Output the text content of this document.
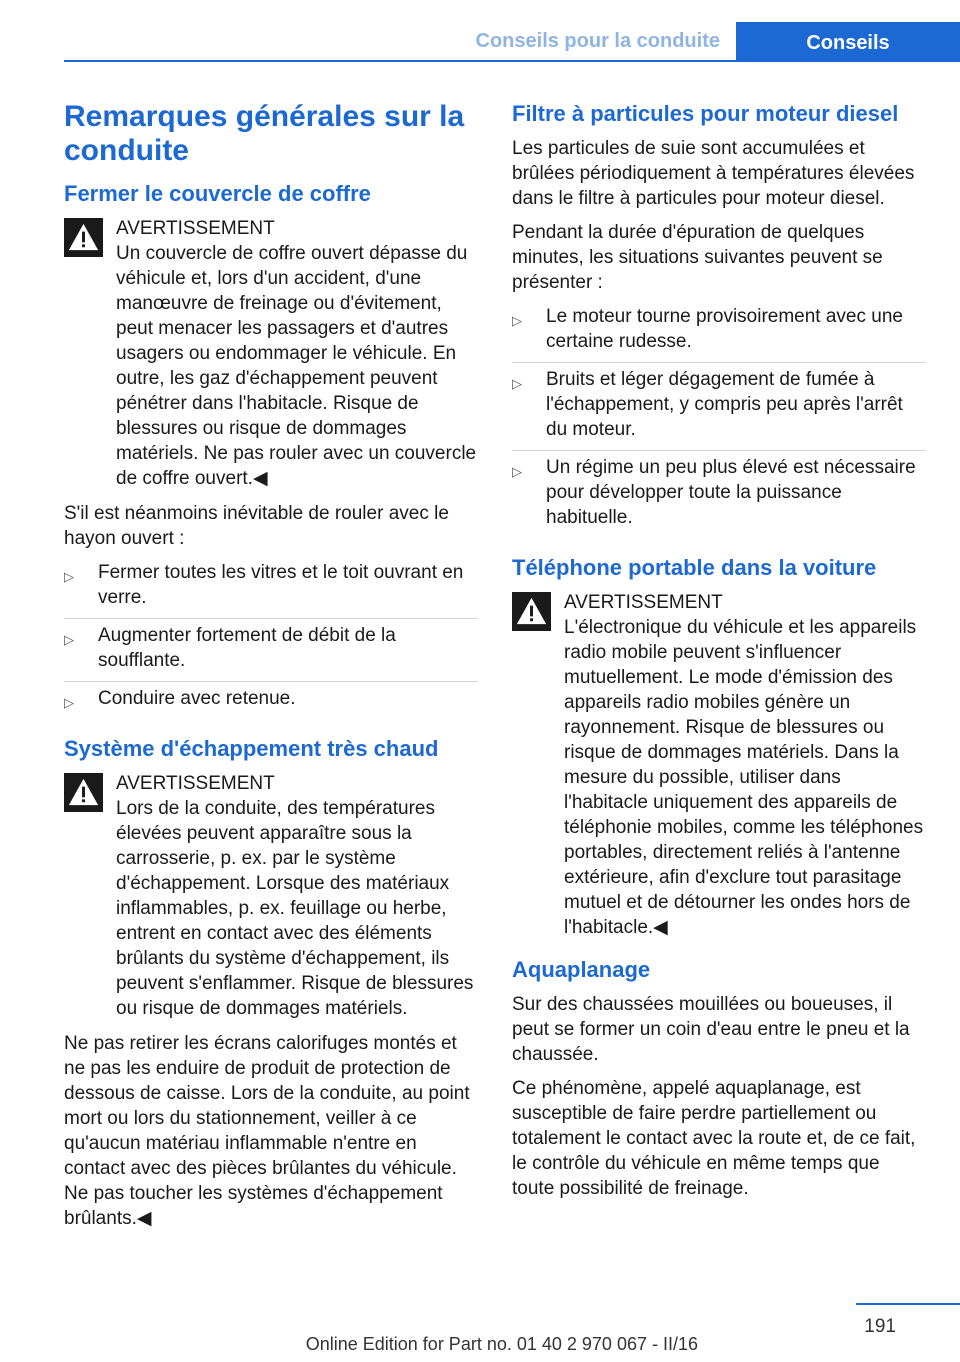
Conseils pour la conduite	Conseils
Remarques générales sur la conduite
Fermer le couvercle de coffre
AVERTISSEMENT
Un couvercle de coffre ouvert dépasse du véhicule et, lors d'un accident, d'une manœuvre de freinage ou d'évitement, peut menacer les passagers et d'autres usagers ou endommager le véhicule. En outre, les gaz d'échappement peuvent pénétrer dans l'habitacle. Risque de blessures ou risque de dommages matériels. Ne pas rouler avec un couvercle de coffre ouvert.◀

S'il est néanmoins inévitable de rouler avec le hayon ouvert :

▷ Fermer toutes les vitres et le toit ouvrant en verre.
▷ Augmenter fortement de débit de la soufflante.
▷ Conduire avec retenue.
Système d'échappement très chaud
AVERTISSEMENT
Lors de la conduite, des températures élevées peuvent apparaître sous la carrosserie, p. ex. par le système d'échappement. Lorsque des matériaux inflammables, p. ex. feuillage ou herbe, entrent en contact avec des éléments brûlants du système d'échappement, ils peuvent s'enflammer. Risque de blessures ou risque de dommages matériels.

Ne pas retirer les écrans calorifuges montés et ne pas les enduire de produit de protection de dessous de caisse. Lors de la conduite, au point mort ou lors du stationnement, veiller à ce qu'aucun matériau inflammable n'entre en contact avec des pièces brûlantes du véhicule. Ne pas toucher les systèmes d'échappement brûlants.◀

Filtre à particules pour moteur diesel

Les particules de suie sont accumulées et brûlées périodiquement à températures élevées dans le filtre à particules pour moteur diesel.

Pendant la durée d'épuration de quelques minutes, les situations suivantes peuvent se présenter :

▷ Le moteur tourne provisoirement avec une certaine rudesse.
▷ Bruits et léger dégagement de fumée à l'échappement, y compris peu après l'arrêt du moteur.
▷ Un régime un peu plus élevé est nécessaire pour développer toute la puissance habituelle.
Téléphone portable dans la voiture
AVERTISSEMENT
L'électronique du véhicule et les appareils radio mobile peuvent s'influencer mutuellement. Le mode d'émission des appareils radio mobiles génère un rayonnement. Risque de blessures ou risque de dommages matériels. Dans la mesure du possible, utiliser dans l'habitacle uniquement des appareils de téléphonie mobiles, comme les téléphones portables, directement reliés à l'antenne extérieure, afin d'exclure tout parasitage mutuel et de détourner les ondes hors de l'habitacle.◀
Aquaplanage

Sur des chaussées mouillées ou boueuses, il peut se former un coin d'eau entre le pneu et la chaussée.

Ce phénomène, appelé aquaplanage, est susceptible de faire perdre partiellement ou totalement le contact avec la route et, de ce fait, le contrôle du véhicule en même temps que toute possibilité de freinage.

191
Online Edition for Part no. 01 40 2 970 067 - II/16
